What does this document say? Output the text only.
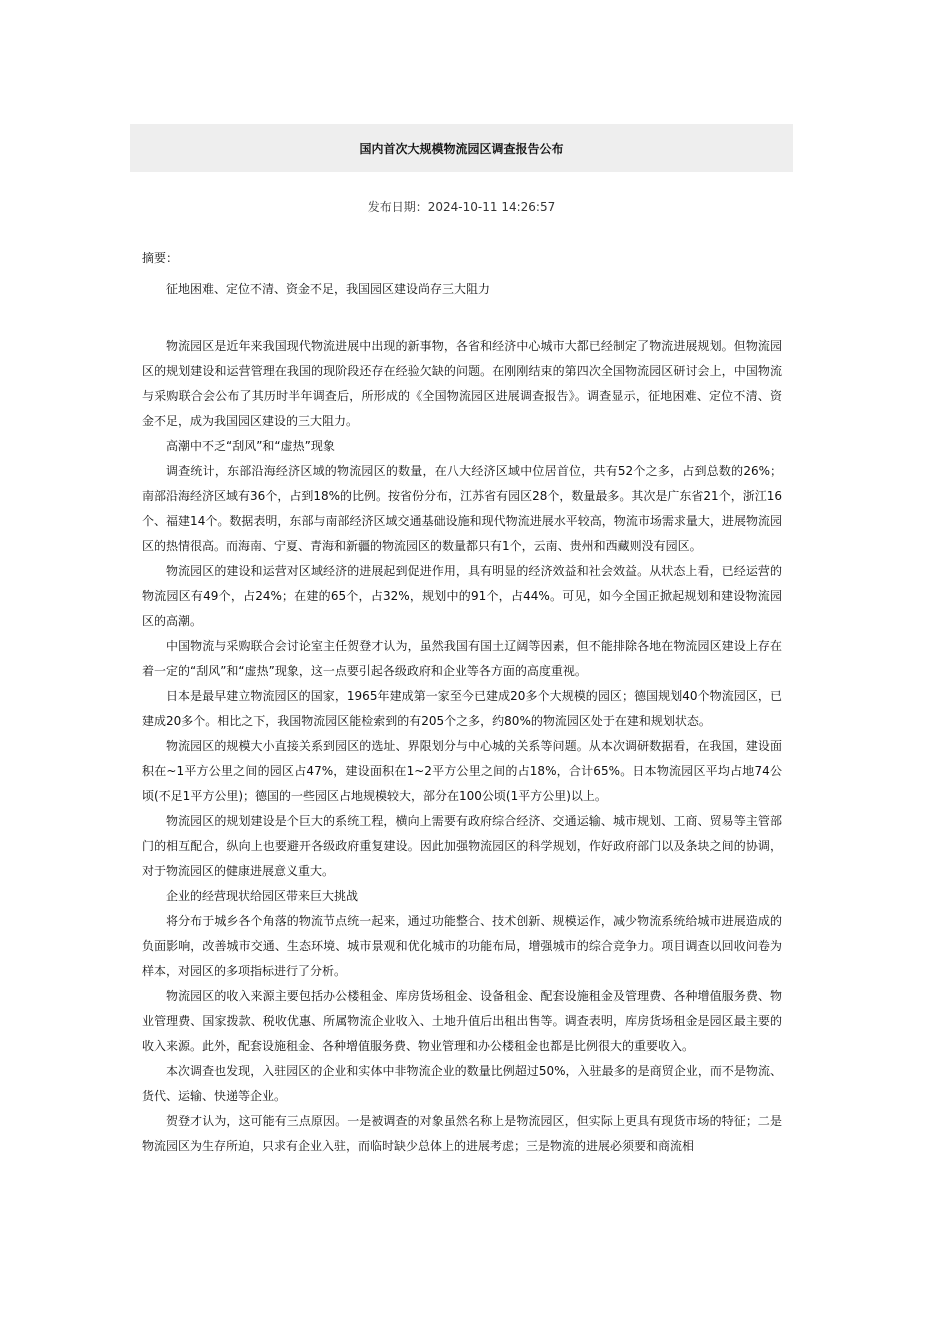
国内首次大规模物流园区调查报告公布
发布日期：2024-10-11 14:26:57

摘要：

征地困难、定位不清、资金不足，我国园区建设尚存三大阻力

物流园区是近年来我国现代物流进展中出现的新事物，各省和经济中心城市大都已经制定了物流进展规划。但物流园区的规划建设和运营管理在我国的现阶段还存在经验欠缺的问题。在刚刚结束的第四次全国物流园区研讨会上，中国物流与采购联合会公布了其历时半年调查后，所形成的《全国物流园区进展调查报告》。调查显示，征地困难、定位不清、资金不足，成为我国园区建设的三大阻力。

高潮中不乏“刮风”和“虚热”现象

调查统计，东部沿海经济区域的物流园区的数量，在八大经济区域中位居首位，共有52个之多，占到总数的26%；南部沿海经济区域有36个，占到18%的比例。按省份分布，江苏省有园区28个，数量最多。其次是广东省21个，浙江16个、福建14个。数据表明，东部与南部经济区域交通基础设施和现代物流进展水平较高，物流市场需求量大，进展物流园区的热情很高。而海南、宁夏、青海和新疆的物流园区的数量都只有1个，云南、贵州和西藏则没有园区。

物流园区的建设和运营对区域经济的进展起到促进作用，具有明显的经济效益和社会效益。从状态上看，已经运营的物流园区有49个，占24%；在建的65个，占32%，规划中的91个，占44%。可见，如今全国正掀起规划和建设物流园区的高潮。

中国物流与采购联合会讨论室主任贺登才认为，虽然我国有国土辽阔等因素，但不能排除各地在物流园区建设上存在着一定的“刮风”和“虚热”现象，这一点要引起各级政府和企业等各方面的高度重视。

日本是最早建立物流园区的国家，1965年建成第一家至今已建成20多个大规模的园区；德国规划40个物流园区，已建成20多个。相比之下，我国物流园区能检索到的有205个之多，约80%的物流园区处于在建和规划状态。

物流园区的规模大小直接关系到园区的选址、界限划分与中心城的关系等问题。从本次调研数据看，在我国，建设面积在~1平方公里之间的园区占47%，建设面积在1~2平方公里之间的占18%，合计65%。日本物流园区平均占地74公顷(不足1平方公里)；德国的一些园区占地规模较大，部分在100公顷(1平方公里)以上。

物流园区的规划建设是个巨大的系统工程，横向上需要有政府综合经济、交通运输、城市规划、工商、贸易等主管部门的相互配合，纵向上也要避开各级政府重复建设。因此加强物流园区的科学规划，作好政府部门以及条块之间的协调，对于物流园区的健康进展意义重大。

企业的经营现状给园区带来巨大挑战

将分布于城乡各个角落的物流节点统一起来，通过功能整合、技术创新、规模运作，减少物流系统给城市进展造成的负面影响，改善城市交通、生态环境、城市景观和优化城市的功能布局，增强城市的综合竞争力。项目调查以回收问卷为样本，对园区的多项指标进行了分析。

物流园区的收入来源主要包括办公楼租金、库房货场租金、设备租金、配套设施租金及管理费、各种增值服务费、物业管理费、国家拨款、税收优惠、所属物流企业收入、土地升值后出租出售等。调查表明，库房货场租金是园区最主要的收入来源。此外，配套设施租金、各种增值服务费、物业管理和办公楼租金也都是比例很大的重要收入。

本次调查也发现，入驻园区的企业和实体中非物流企业的数量比例超过50%，入驻最多的是商贸企业，而不是物流、货代、运输、快递等企业。

贺登才认为，这可能有三点原因。一是被调查的对象虽然名称上是物流园区，但实际上更具有现货市场的特征；二是物流园区为生存所迫，只求有企业入驻，而临时缺少总体上的进展考虑；三是物流的进展必须要和商流相
